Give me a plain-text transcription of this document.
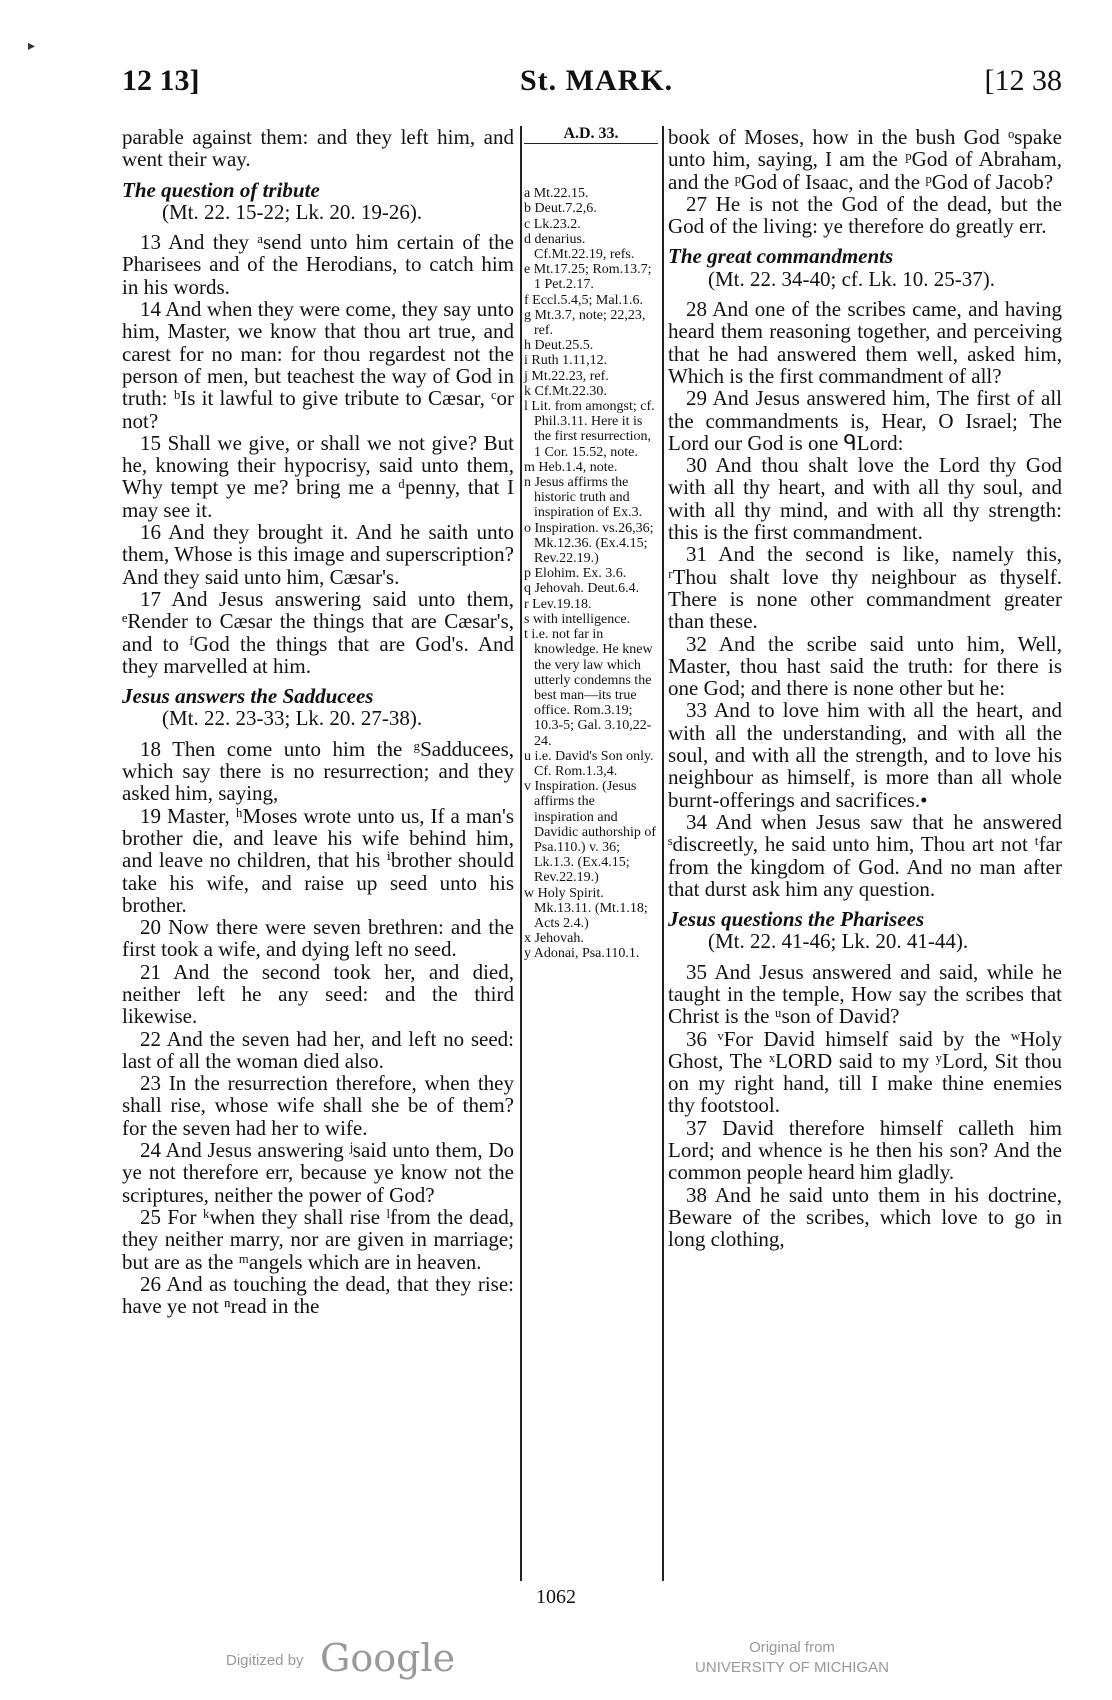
▸
12 13]	St. MARK.	[12 38

parable against them: and they left him, and went their way.

The question of tribute

(Mt. 22. 15-22; Lk. 20. 19-26).

13 And they ᵃsend unto him certain of the Pharisees and of the Herodians, to catch him in his words.

14 And when they were come, they say unto him, Master, we know that thou art true, and carest for no man: for thou regardest not the person of men, but teachest the way of God in truth: ᵇIs it lawful to give tribute to Cæsar, ᶜor not?

15 Shall we give, or shall we not give? But he, knowing their hypocrisy, said unto them, Why tempt ye me? bring me a ᵈpenny, that I may see it.

16 And they brought it. And he saith unto them, Whose is this image and superscription? And they said unto him, Cæsar's.

17 And Jesus answering said unto them, ᵉRender to Cæsar the things that are Cæsar's, and to ᶠGod the things that are God's. And they marvelled at him.

Jesus answers the Sadducees

(Mt. 22. 23-33; Lk. 20. 27-38).

18 Then come unto him the ᵍSadducees, which say there is no resurrection; and they asked him, saying,

19 Master, ʰMoses wrote unto us, If a man's brother die, and leave his wife behind him, and leave no children, that his ⁱbrother should take his wife, and raise up seed unto his brother.

20 Now there were seven brethren: and the first took a wife, and dying left no seed.

21 And the second took her, and died, neither left he any seed: and the third likewise.

22 And the seven had her, and left no seed: last of all the woman died also.

23 In the resurrection therefore, when they shall rise, whose wife shall she be of them? for the seven had her to wife.

24 And Jesus answering ʲsaid unto them, Do ye not therefore err, because ye know not the scriptures, neither the power of God?

25 For ᵏwhen they shall rise ˡfrom the dead, they neither marry, nor are given in marriage; but are as the ᵐangels which are in heaven.

26 And as touching the dead, that they rise: have ye not ⁿread in the

A.D. 33.

a Mt.22.15.

b Deut.7.2,6.

c Lk.23.2.

d denarius. Cf.Mt.22.19, refs.

e Mt.17.25; Rom.13.7; 1 Pet.2.17.

f Eccl.5.4,5; Mal.1.6.

g Mt.3.7, note; 22,23, ref.

h Deut.25.5.

i Ruth 1.11,12.

j Mt.22.23, ref.

k Cf.Mt.22.30.

l Lit. from amongst; cf. Phil.3.11. Here it is the first resurrection, 1 Cor. 15.52, note.

m Heb.1.4, note.

n Jesus affirms the historic truth and inspiration of Ex.3.

o Inspiration. vs.26,36; Mk.12.36. (Ex.4.15; Rev.22.19.)

p Elohim. Ex. 3.6.

q Jehovah. Deut.6.4.

r Lev.19.18.

s with intelligence.

t i.e. not far in knowledge. He knew the very law which utterly condemns the best man—its true office. Rom.3.19; 10.3-5; Gal. 3.10,22-24.

u i.e. David's Son only. Cf. Rom.1.3,4.

v Inspiration. (Jesus affirms the inspiration and Davidic authorship of Psa.110.) v. 36; Lk.1.3. (Ex.4.15; Rev.22.19.)

w Holy Spirit. Mk.13.11. (Mt.1.18; Acts 2.4.)

x Jehovah.

y Adonai, Psa.110.1.

book of Moses, how in the bush God ᵒspake unto him, saying, I am the ᵖGod of Abraham, and the ᵖGod of Isaac, and the ᵖGod of Jacob?

27 He is not the God of the dead, but the God of the living: ye therefore do greatly err.

The great commandments

(Mt. 22. 34-40; cf. Lk. 10. 25-37).

28 And one of the scribes came, and having heard them reasoning together, and perceiving that he had answered them well, asked him, Which is the first commandment of all?

29 And Jesus answered him, The first of all the commandments is, Hear, O Israel; The Lord our God is one ᑫLord:

30 And thou shalt love the Lord thy God with all thy heart, and with all thy soul, and with all thy mind, and with all thy strength: this is the first commandment.

31 And the second is like, namely this, ʳThou shalt love thy neighbour as thyself. There is none other commandment greater than these.

32 And the scribe said unto him, Well, Master, thou hast said the truth: for there is one God; and there is none other but he:

33 And to love him with all the heart, and with all the understanding, and with all the soul, and with all the strength, and to love his neighbour as himself, is more than all whole burnt-offerings and sacrifices.•

34 And when Jesus saw that he answered ˢdiscreetly, he said unto him, Thou art not ᵗfar from the kingdom of God. And no man after that durst ask him any question.

Jesus questions the Pharisees

(Mt. 22. 41-46; Lk. 20. 41-44).

35 And Jesus answered and said, while he taught in the temple, How say the scribes that Christ is the ᵘson of David?

36 ᵛFor David himself said by the ʷHoly Ghost, The ˣLORD said to my ʸLord, Sit thou on my right hand, till I make thine enemies thy footstool.

37 David therefore himself calleth him Lord; and whence is he then his son? And the common people heard him gladly.

38 And he said unto them in his doctrine, Beware of the scribes, which love to go in long clothing,

1062
Digitized by Google	Original from
UNIVERSITY OF MICHIGAN
